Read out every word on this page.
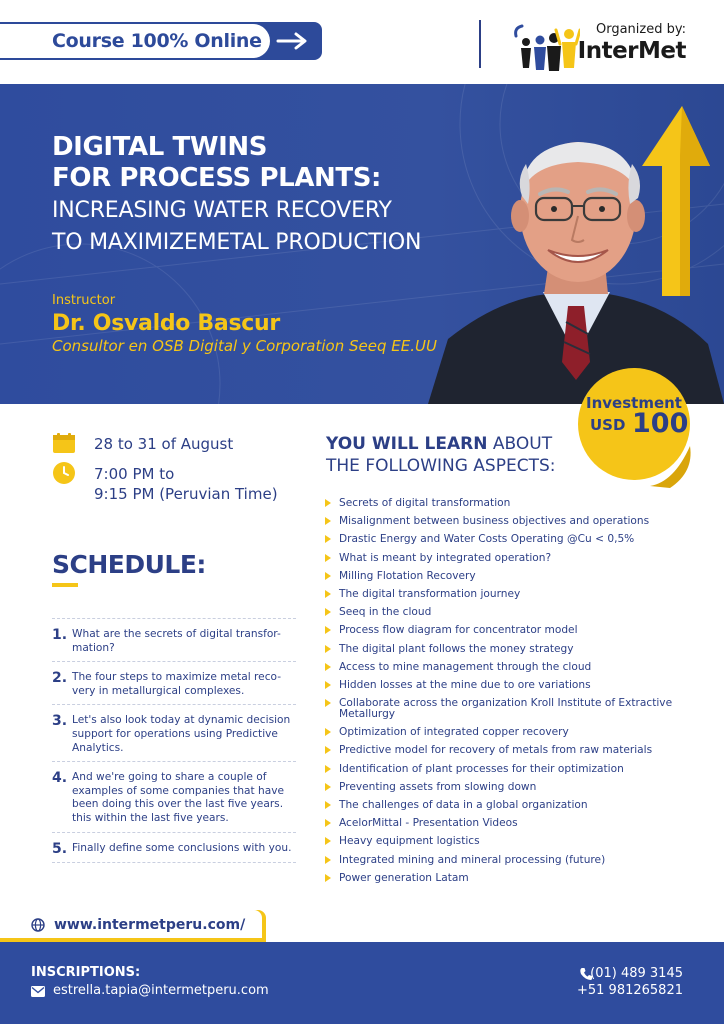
Course 100% Online
Organized by:
InterMet
DIGITAL TWINS
FOR PROCESS PLANTS:
INCREASING WATER RECOVERY
TO MAXIMIZEMETAL PRODUCTION
Instructor
Dr. Osvaldo Bascur
Consultor en OSB Digital y Corporation Seeq EE.UU
Investment
USD 100
28 to 31 of August
7:00 PM to
9:15 PM (Peruvian Time)
SCHEDULE:
1. What are the secrets of digital transfor- mation?
2. The four steps to maximize metal reco- very in metallurgical complexes.
3. Let's also look today at dynamic decision support for operations using Predictive Analytics.
4. And we're going to share a couple of examples of some companies that have been doing this over the last five years. this within the last five years.
5. Finally define some conclusions with you.
YOU WILL LEARN ABOUT
THE FOLLOWING ASPECTS:
Secrets of digital transformation
Misalignment between business objectives and operations
Drastic Energy and Water Costs Operating @Cu < 0,5%
What is meant by integrated operation?
Milling Flotation Recovery
The digital transformation journey
Seeq in the cloud
Process flow diagram for concentrator model
The digital plant follows the money strategy
Access to mine management through the cloud
Hidden losses at the mine due to ore variations
Collaborate across the organization Kroll Institute of Extractive Metallurgy
Optimization of integrated copper recovery
Predictive model for recovery of metals from raw materials
Identification of plant processes for their optimization
Preventing assets from slowing down
The challenges of data in a global organization
AcelorMittal - Presentation Videos
Heavy equipment logistics
Integrated mining and mineral processing (future)
Power generation Latam
www.intermetperu.com/
INSCRIPTIONS:
estrella.tapia@intermetperu.com
(01) 489 3145
+51 981265821
